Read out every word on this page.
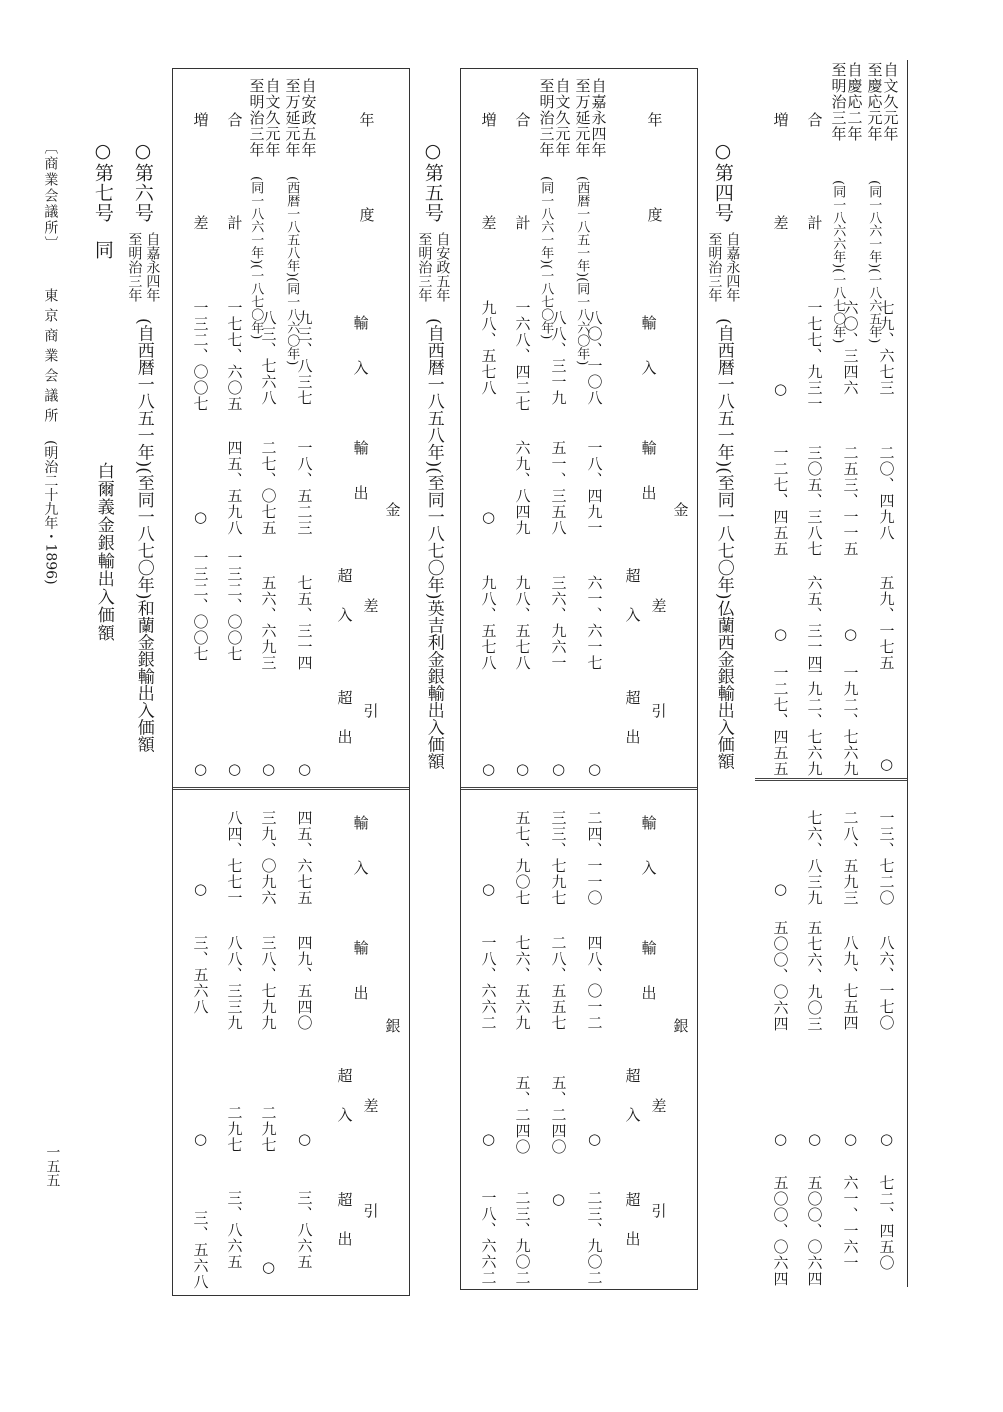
自文久元年
至慶応元年
(同一八六一年)(一八六五年)
七九、六七三
二〇、四九八
五九、一七五
○
一三、七二〇
八六、一七〇
○
七二、四五〇
自慶応二年
至明治三年
(同一八六六年)(一八七〇年)
六〇、三四六
二五三、一一五
○
一九二、七六九
二八、五九三
八九、七五四
○
六一、一六一
合
計
一七七、九三一
三〇五、三八七
六五、三一四
一九二、七六九
七六、八三九
五七六、九〇三
○
五〇〇、〇六四
増
差
○
一二七、四五五
○
一二七、四五五
○
五〇〇、〇六四
○
五〇〇、〇六四
○第四号
自嘉永四年
至明治三年
(自西暦一八五一年)(至同一八七〇年)仏蘭西金銀輸出入価額
年度
金
輸入
輸出
差引
超入
超出
輸入
銀
輸出
差引
超入
超出
自嘉永四年
至万延元年
(西暦一八五一年)(同一八六〇年)
八〇、一〇八
一八、四九一
六一、六一七
○
二四、一一〇
四八、〇一二
○
二三、九〇二
自文久元年
至明治三年
(同一八六一年)(一八七〇年)
八八、三一九
五一、三五八
三六、九六一
○
三三、七九七
二八、五五七
五、二四〇
○
合
計
一六八、四二七
六九、八四九
九八、五七八
○
五七、九〇七
七六、五六九
五、二四〇
二三、九〇二
増
差
九八、五七八
○
九八、五七八
○
○
一八、六六二
○
一八、六六二
○第五号
自安政五年
至明治三年
(自西暦一八五八年)(至同一八七〇年)英吉利金銀輸出入価額
年度
金
輸入
輸出
差引
超入
超出
輸入
銀
輸出
差引
超入
超出
自安政五年
至万延元年
(西暦一八五八年)(同一八六〇年)
九三、八三七
一八、五二三
七五、三一四
○
四五、六七五
四九、五四〇
○
三、八六五
自文久元年
至明治三年
(同一八六一年)(一八七〇年)
八三、七六八
二七、〇七五
五六、六九三
○
三九、〇九六
三八、七九九
二九七
○
合
計
一七七、六〇五
四五、五九八
一三二、〇〇七
○
八四、七七一
八八、三三九
二九七
三、八六五
増
差
一三二、〇〇七
○
一三二、〇〇七
○
○
三、五六八
○
三、五六八
○第六号
自嘉永四年
至明治三年
(自西暦一八五一年)(至同一八七〇年)和蘭金銀輸出入価額
○第七号
同
白爾義金銀輸出入価額
〔商業会議所〕
東京商業会議所
(明治二十九年・1896)
一五五
